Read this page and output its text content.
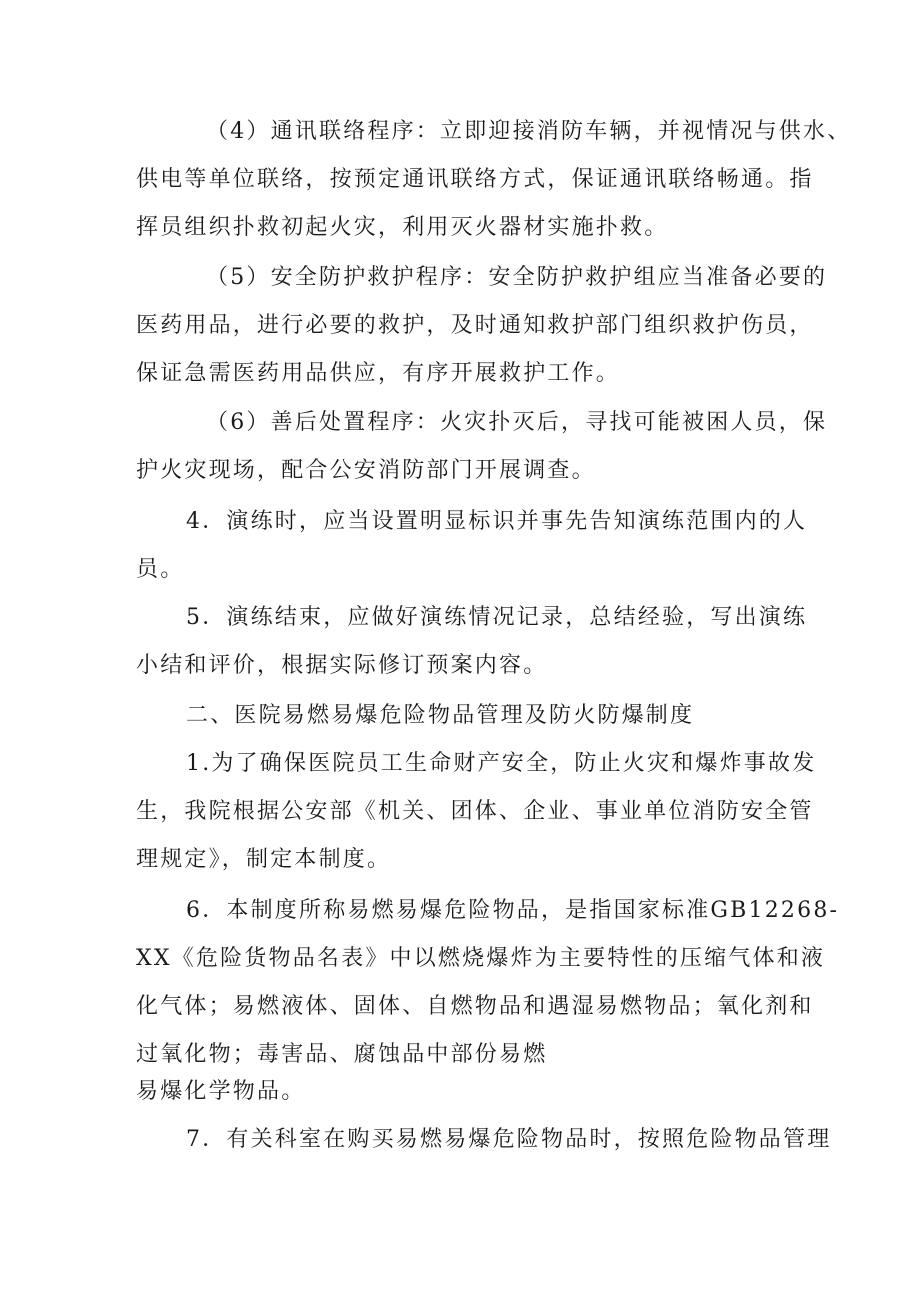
（4）通讯联络程序：立即迎接消防车辆，并视情况与供水、
供电等单位联络，按预定通讯联络方式，保证通讯联络畅通。指
挥员组织扑救初起火灾，利用灭火器材实施扑救。
（5）安全防护救护程序：安全防护救护组应当准备必要的
医药用品，进行必要的救护，及时通知救护部门组织救护伤员，
保证急需医药用品供应，有序开展救护工作。
（6）善后处置程序：火灾扑灭后，寻找可能被困人员，保
护火灾现场，配合公安消防部门开展调查。
4．演练时，应当设置明显标识并事先告知演练范围内的人
员。
5．演练结束，应做好演练情况记录，总结经验，写出演练
小结和评价，根据实际修订预案内容。
二、医院易燃易爆危险物品管理及防火防爆制度
1.为了确保医院员工生命财产安全，防止火灾和爆炸事故发
生，我院根据公安部《机关、团体、企业、事业单位消防安全管
理规定》，制定本制度。
6．本制度所称易燃易爆危险物品，是指国家标准GB12268-
XX《危险货物品名表》中以燃烧爆炸为主要特性的压缩气体和液
化气体；易燃液体、固体、自燃物品和遇湿易燃物品；氧化剂和
过氧化物；毒害品、腐蚀品中部份易燃
易爆化学物品。
7．有关科室在购买易燃易爆危险物品时，按照危险物品管理
